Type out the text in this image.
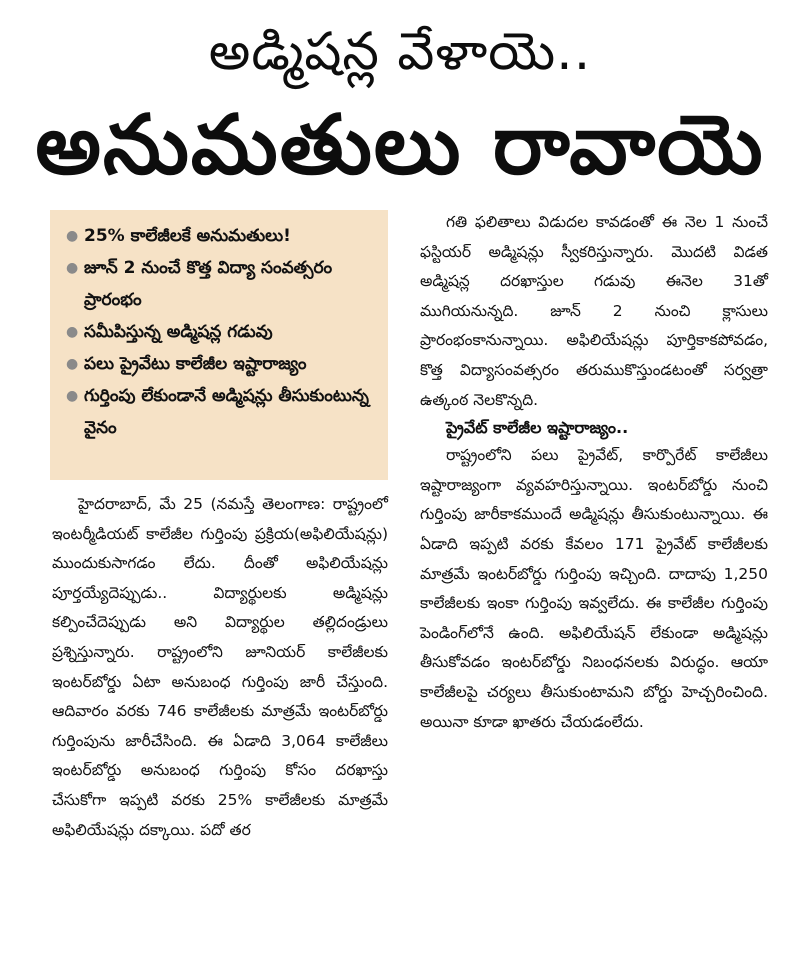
అడ్మిషన్ల వేళాయె..
అనుమతులు రావాయె
● 25% కాలేజీలకే అనుమతులు!
● జూన్ 2 నుంచే కొత్త విద్యా సంవత్సరం ప్రారంభం
● సమీపిస్తున్న అడ్మిషన్ల గడువు
● పలు ప్రైవేటు కాలేజీల ఇష్టారాజ్యం
● గుర్తింపు లేకుండానే అడ్మిషన్లు తీసుకుంటున్న వైనం

హైదరాబాద్, మే 25 (నమస్తే తెలంగాణ: రాష్ట్రంలో ఇంటర్మీడియట్ కాలేజీల గుర్తింపు ప్రక్రియ(అఫిలియేషన్లు) ముందుకుసాగడం లేదు. దీంతో అఫిలియేషన్లు పూర్తయ్యేదెప్పుడు.. విద్యార్థులకు అడ్మిషన్లు కల్పించేదెప్పుడు అని విద్యార్థుల తల్లిదండ్రులు ప్రశ్నిస్తున్నారు. రాష్ట్రంలోని జూనియర్ కాలేజీలకు ఇంటర్‌బోర్డు ఏటా అనుబంధ గుర్తింపు జారీ చేస్తుంది. ఆదివారం వరకు 746 కాలేజీలకు మాత్రమే ఇంటర్‌బోర్డు గుర్తింపును జారీచేసింది. ఈ ఏడాది 3,064 కాలేజీలు ఇంటర్‌బోర్డు అనుబంధ గుర్తింపు కోసం దరఖాస్తు చేసుకోగా ఇప్పటి వరకు 25% కాలేజీలకు మాత్రమే అఫిలియేషన్లు దక్కాయి. పదో తర

గతి ఫలితాలు విడుదల కావడంతో ఈ నెల 1 నుంచే ఫస్టియర్ అడ్మిషన్లు స్వీకరిస్తున్నారు. మొదటి విడత అడ్మిషన్ల దరఖాస్తుల గడువు ఈనెల 31తో ముగియనున్నది. జూన్ 2 నుంచి క్లాసులు ప్రారంభంకానున్నాయి. అఫిలియేషన్లు పూర్తికాకపోవడం, కొత్త విద్యాసంవత్సరం తరుముకొస్తుండటంతో సర్వత్రా ఉత్కంఠ నెలకొన్నది.

ప్రైవేట్ కాలేజీల ఇష్టారాజ్యం..

రాష్ట్రంలోని పలు ప్రైవేట్, కార్పొరేట్ కాలేజీలు ఇష్టారాజ్యంగా వ్యవహరిస్తున్నాయి. ఇంటర్‌బోర్డు నుంచి గుర్తింపు జారీకాకముందే అడ్మిషన్లు తీసుకుంటున్నాయి. ఈ ఏడాది ఇప్పటి వరకు కేవలం 171 ప్రైవేట్ కాలేజీలకు మాత్రమే ఇంటర్‌బోర్డు గుర్తింపు ఇచ్చింది. దాదాపు 1,250 కాలేజీలకు ఇంకా గుర్తింపు ఇవ్వలేదు. ఈ కాలేజీల గుర్తింపు పెండింగ్‌లోనే ఉంది. అఫిలియేషన్ లేకుండా అడ్మిషన్లు తీసుకోవడం ఇంటర్‌బోర్డు నిబంధనలకు విరుద్ధం. ఆయా కాలేజీలపై చర్యలు తీసుకుంటామని బోర్డు హెచ్చరించింది. అయినా కూడా ఖాతరు చేయడంలేదు.
